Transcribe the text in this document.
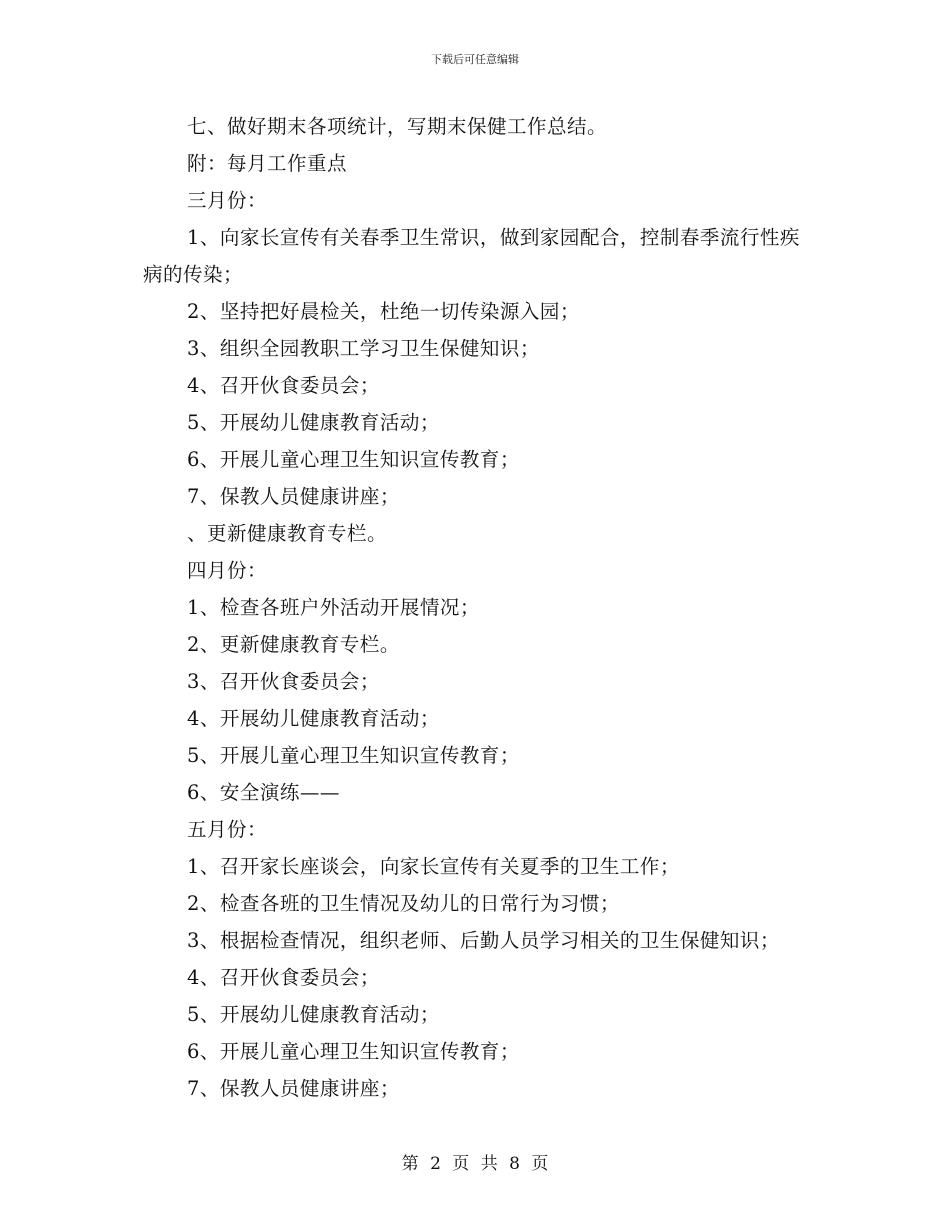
下载后可任意编辑

七、做好期末各项统计，写期末保健工作总结。

附：每月工作重点

三月份：

1、向家长宣传有关春季卫生常识，做到家园配合，控制春季流行性疾病的传染；

2、坚持把好晨检关，杜绝一切传染源入园；

3、组织全园教职工学习卫生保健知识；

4、召开伙食委员会；

5、开展幼儿健康教育活动；

6、开展儿童心理卫生知识宣传教育；

7、保教人员健康讲座；

、更新健康教育专栏。

四月份：

1、检查各班户外活动开展情况；

2、更新健康教育专栏。

3、召开伙食委员会；

4、开展幼儿健康教育活动；

5、开展儿童心理卫生知识宣传教育；

6、安全演练——

五月份：

1、召开家长座谈会，向家长宣传有关夏季的卫生工作；

2、检查各班的卫生情况及幼儿的日常行为习惯；

3、根据检查情况，组织老师、后勤人员学习相关的卫生保健知识；

4、召开伙食委员会；

5、开展幼儿健康教育活动；

6、开展儿童心理卫生知识宣传教育；

7、保教人员健康讲座；

第 2 页 共 8 页
